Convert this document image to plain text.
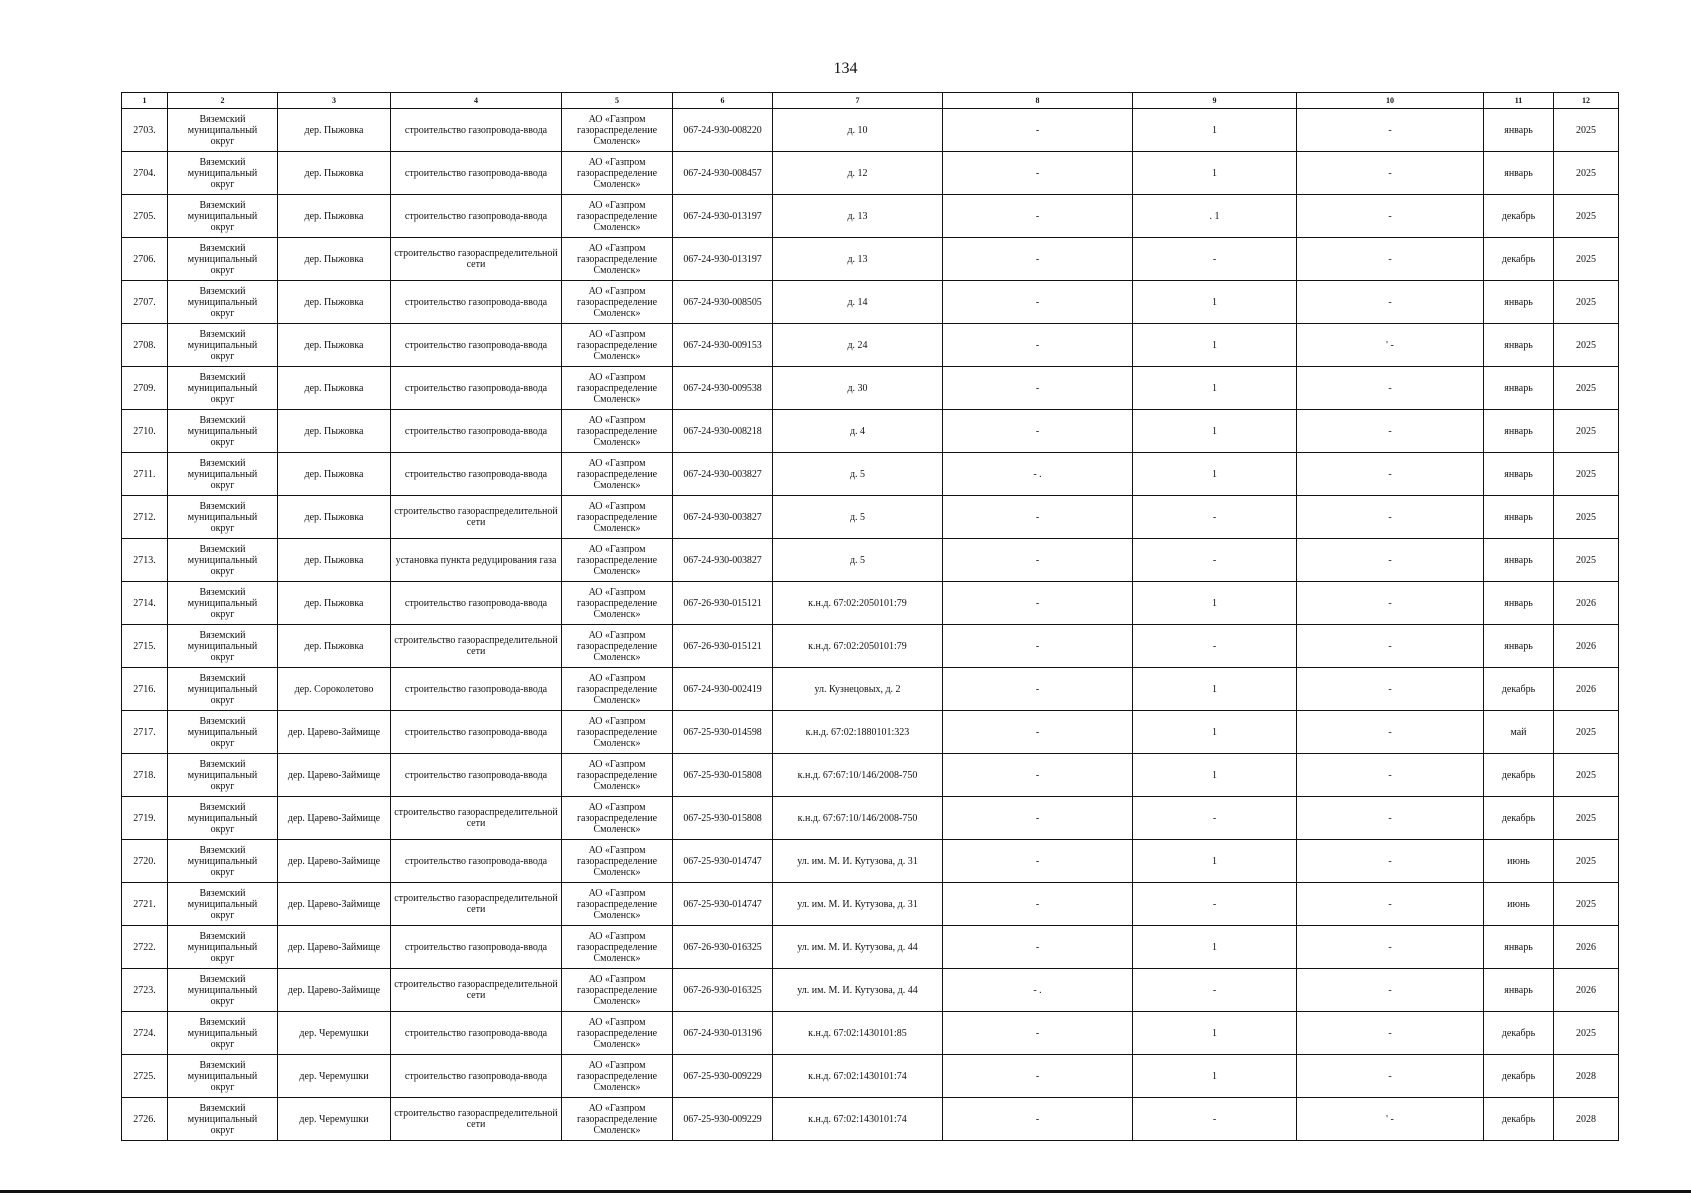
134
1	2	3	4	5	6	7	8	9	10	11	12
2703.	Вяземский
муниципальный
округ	дер. Пыжовка	строительство газопровода-ввода	АО «Газпром
газораспределение
Смоленск»	067-24-930-008220	д. 10	-	1	-	январь	2025
2704.	Вяземский
муниципальный
округ	дер. Пыжовка	строительство газопровода-ввода	АО «Газпром
газораспределение
Смоленск»	067-24-930-008457	д. 12	-	1	-	январь	2025
2705.	Вяземский
муниципальный
округ	дер. Пыжовка	строительство газопровода-ввода	АО «Газпром
газораспределение
Смоленск»	067-24-930-013197	д. 13	-	. 1	-	декабрь	2025
2706.	Вяземский
муниципальный
округ	дер. Пыжовка	строительство газораспределительной сети	АО «Газпром
газораспределение
Смоленск»	067-24-930-013197	д. 13	-	-	-	декабрь	2025
2707.	Вяземский
муниципальный
округ	дер. Пыжовка	строительство газопровода-ввода	АО «Газпром
газораспределение
Смоленск»	067-24-930-008505	д. 14	-	1	-	январь	2025
2708.	Вяземский
муниципальный
округ	дер. Пыжовка	строительство газопровода-ввода	АО «Газпром
газораспределение
Смоленск»	067-24-930-009153	д. 24	-	1	' -	январь	2025
2709.	Вяземский
муниципальный
округ	дер. Пыжовка	строительство газопровода-ввода	АО «Газпром
газораспределение
Смоленск»	067-24-930-009538	д. 30	-	1	-	январь	2025
2710.	Вяземский
муниципальный
округ	дер. Пыжовка	строительство газопровода-ввода	АО «Газпром
газораспределение
Смоленск»	067-24-930-008218	д. 4	-	1	-	январь	2025
2711.	Вяземский
муниципальный
округ	дер. Пыжовка	строительство газопровода-ввода	АО «Газпром
газораспределение
Смоленск»	067-24-930-003827	д. 5	- .	1	-	январь	2025
2712.	Вяземский
муниципальный
округ	дер. Пыжовка	строительство газораспределительной сети	АО «Газпром
газораспределение
Смоленск»	067-24-930-003827	д. 5	-	-	-	январь	2025
2713.	Вяземский
муниципальный
округ	дер. Пыжовка	установка пункта редуцирования газа	АО «Газпром
газораспределение
Смоленск»	067-24-930-003827	д. 5	-	-	-	январь	2025
2714.	Вяземский
муниципальный
округ	дер. Пыжовка	строительство газопровода-ввода	АО «Газпром
газораспределение
Смоленск»	067-26-930-015121	к.н.д. 67:02:2050101:79	-	1	-	январь	2026
2715.	Вяземский
муниципальный
округ	дер. Пыжовка	строительство газораспределительной сети	АО «Газпром
газораспределение
Смоленск»	067-26-930-015121	к.н.д. 67:02:2050101:79	-	-	-	январь	2026
2716.	Вяземский
муниципальный
округ	дер. Сороколетово	строительство газопровода-ввода	АО «Газпром
газораспределение
Смоленск»	067-24-930-002419	ул. Кузнецовых, д. 2	-	1	-	декабрь	2026
2717.	Вяземский
муниципальный
округ	дер. Царево-Займище	строительство газопровода-ввода	АО «Газпром
газораспределение
Смоленск»	067-25-930-014598	к.н.д. 67:02:1880101:323	-	1	-	май	2025
2718.	Вяземский
муниципальный
округ	дер. Царево-Займище	строительство газопровода-ввода	АО «Газпром
газораспределение
Смоленск»	067-25-930-015808	к.н.д. 67:67:10/146/2008-750	-	1	-	декабрь	2025
2719.	Вяземский
муниципальный
округ	дер. Царево-Займище	строительство газораспределительной сети	АО «Газпром
газораспределение
Смоленск»	067-25-930-015808	к.н.д. 67:67:10/146/2008-750	-	-	-	декабрь	2025
2720.	Вяземский
муниципальный
округ	дер. Царево-Займище	строительство газопровода-ввода	АО «Газпром
газораспределение
Смоленск»	067-25-930-014747	ул. им. М. И. Кутузова, д. 31	-	1	-	июнь	2025
2721.	Вяземский
муниципальный
округ	дер. Царево-Займище	строительство газораспределительной сети	АО «Газпром
газораспределение
Смоленск»	067-25-930-014747	ул. им. М. И. Кутузова, д. 31	-	-	-	июнь	2025
2722.	Вяземский
муниципальный
округ	дер. Царево-Займище	строительство газопровода-ввода	АО «Газпром
газораспределение
Смоленск»	067-26-930-016325	ул. им. М. И. Кутузова, д. 44	-	1	-	январь	2026
2723.	Вяземский
муниципальный
округ	дер. Царево-Займище	строительство газораспределительной сети	АО «Газпром
газораспределение
Смоленск»	067-26-930-016325	ул. им. М. И. Кутузова, д. 44	- .	-	-	январь	2026
2724.	Вяземский
муниципальный
округ	дер. Черемушки	строительство газопровода-ввода	АО «Газпром
газораспределение
Смоленск»	067-24-930-013196	к.н.д. 67:02:1430101:85	-	1	-	декабрь	2025
2725.	Вяземский
муниципальный
округ	дер. Черемушки	строительство газопровода-ввода	АО «Газпром
газораспределение
Смоленск»	067-25-930-009229	к.н.д. 67:02:1430101:74	-	1	-	декабрь	2028
2726.	Вяземский
муниципальный
округ	дер. Черемушки	строительство газораспределительной сети	АО «Газпром
газораспределение
Смоленск»	067-25-930-009229	к.н.д. 67:02:1430101:74	-	-	' -	декабрь	2028
